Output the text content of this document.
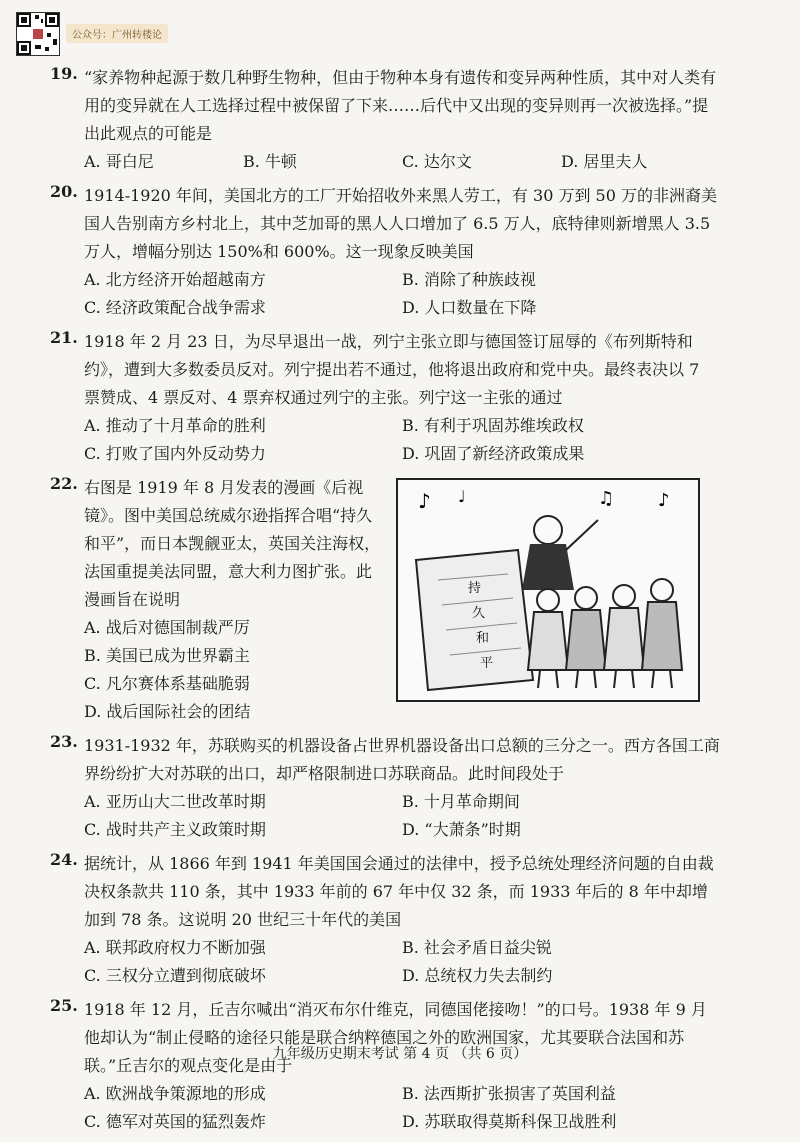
公众号：广州转楼论
19. “家养物种起源于数几种野生物种，但由于物种本身有遗传和变异两种性质，其中对人类有用的变异就在人工选择过程中被保留了下来……后代中又出现的变异则再一次被选择。”提出此观点的可能是

A. 哥白尼	B. 牛顿	C. 达尔文	D. 居里夫人
20. 1914-1920 年间，美国北方的工厂开始招收外来黑人劳工，有 30 万到 50 万的非洲裔美国人告别南方乡村北上，其中芝加哥的黑人人口增加了 6.5 万人，底特律则新增黑人 3.5 万人，增幅分别达 150%和 600%。这一现象反映美国

A. 北方经济开始超越南方	B. 消除了种族歧视
C. 经济政策配合战争需求	D. 人口数量在下降
21. 1918 年 2 月 23 日，为尽早退出一战，列宁主张立即与德国签订屈辱的《布列斯特和约》，遭到大多数委员反对。列宁提出若不通过，他将退出政府和党中央。最终表决以 7 票赞成、4 票反对、4 票弃权通过列宁的主张。列宁这一主张的通过

A. 推动了十月革命的胜利	B. 有利于巩固苏维埃政权
C. 打败了国内外反动势力	D. 巩固了新经济政策成果
22. 右图是 1919 年 8 月发表的漫画《后视镜》。图中美国总统威尔逊指挥合唱“持久和平”，而日本觊觎亚太，英国关注海权，法国重提美法同盟，意大利力图扩张。此漫画旨在说明

A. 战后对德国制裁严厉
B. 美国已成为世界霸主
C. 凡尔赛体系基础脆弱
D. 战后国际社会的团结
♪ ♩	♫ ♪
持
久
和
平
23. 1931-1932 年，苏联购买的机器设备占世界机器设备出口总额的三分之一。西方各国工商界纷纷扩大对苏联的出口，却严格限制进口苏联商品。此时间段处于

A. 亚历山大二世改革时期	B. 十月革命期间
C. 战时共产主义政策时期	D. “大萧条”时期
24. 据统计，从 1866 年到 1941 年美国国会通过的法律中，授予总统处理经济问题的自由裁决权条款共 110 条，其中 1933 年前的 67 年中仅 32 条，而 1933 年后的 8 年中却增加到 78 条。这说明 20 世纪三十年代的美国

A. 联邦政府权力不断加强	B. 社会矛盾日益尖锐
C. 三权分立遭到彻底破坏	D. 总统权力失去制约
25. 1918 年 12 月，丘吉尔喊出“消灭布尔什维克，同德国佬接吻！”的口号。1938 年 9 月他却认为“制止侵略的途径只能是联合纳粹德国之外的欧洲国家，尤其要联合法国和苏联。”丘吉尔的观点变化是由于

A. 欧洲战争策源地的形成	B. 法西斯扩张损害了英国利益
C. 德军对英国的猛烈轰炸	D. 苏联取得莫斯科保卫战胜利
九年级历史期末考试 第 4 页 （共 6 页）
